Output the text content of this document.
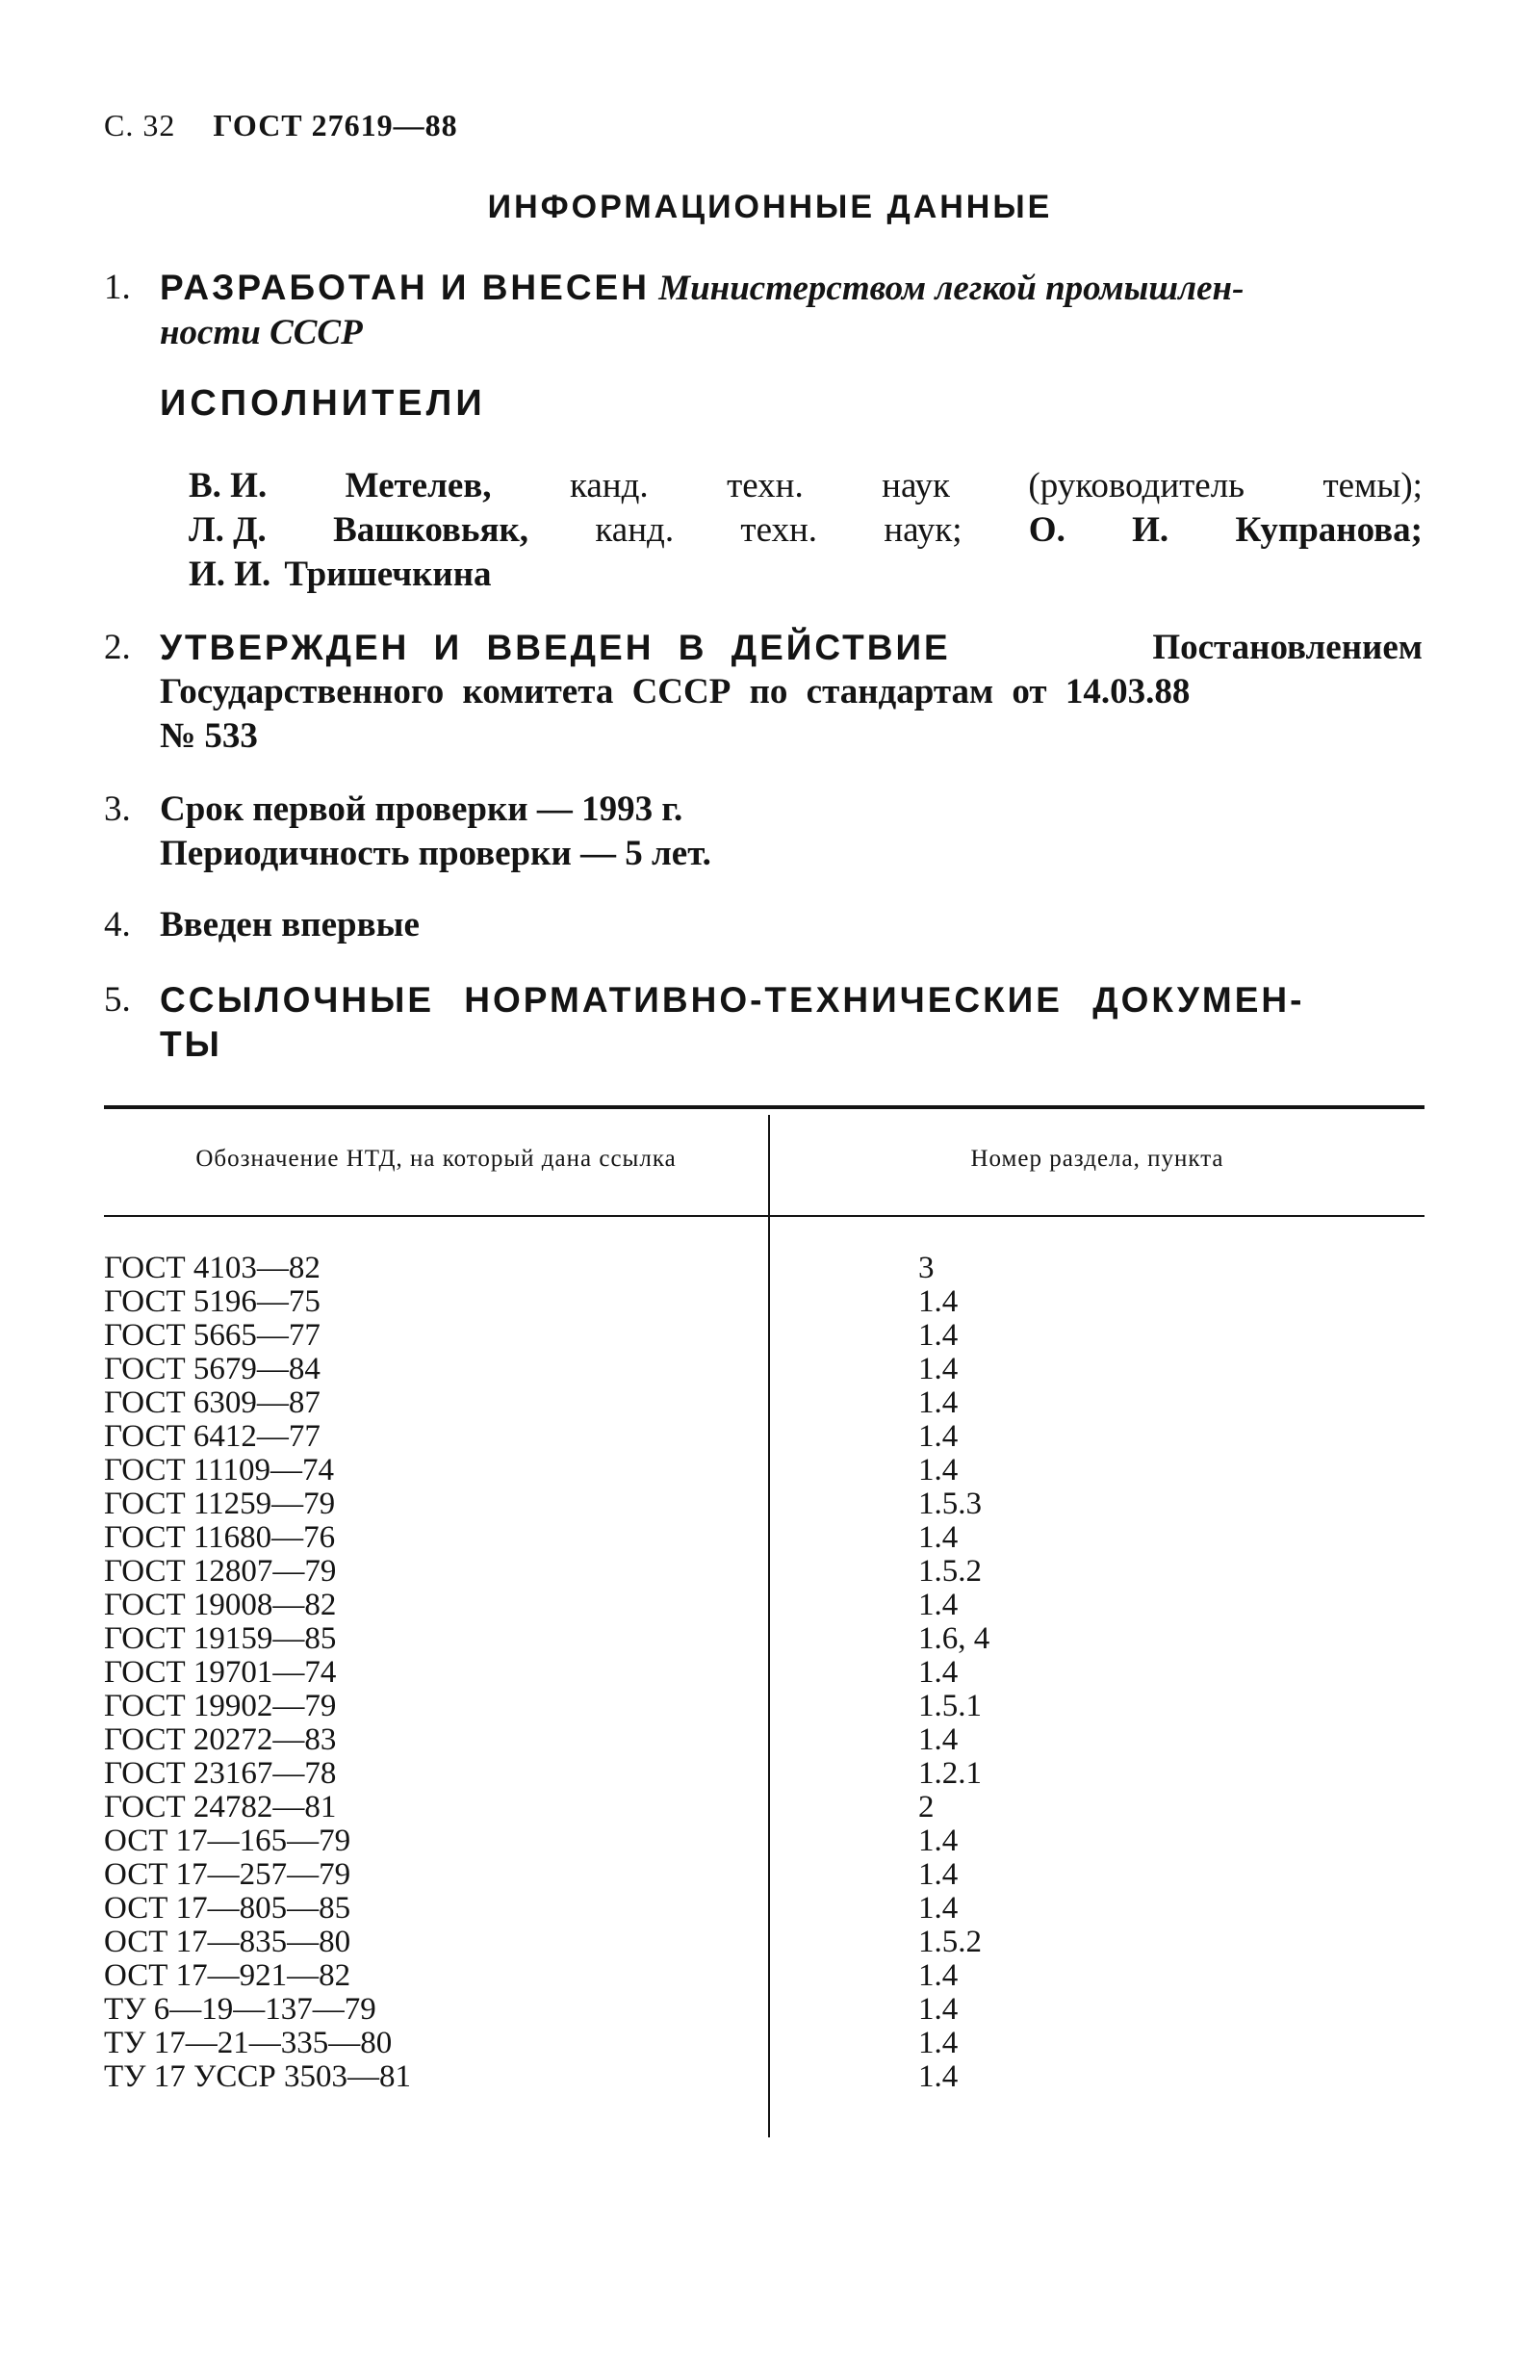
С. 32 ГОСТ 27619—88
ИНФОРМАЦИОННЫЕ ДАННЫЕ
1. РАЗРАБОТАН И ВНЕСЕН Министерством легкой промышлен-
ности СССР
ИСПОЛНИТЕЛИ
В. И. Метелев, канд. техн. наук (руководитель темы);
Л. Д. Вашковьяк, канд. техн. наук; О. И. Купранова;
И. И. Тришечкина
2. УТВЕРЖДЕН И ВВЕДЕН В ДЕЙСТВИЕ	Постановлением
Государственного комитета СССР по стандартам от 14.03.88
№ 533
3. Срок первой проверки — 1993 г.
Периодичность проверки — 5 лет.
4. Введен впервые
5. ССЫЛОЧНЫЕ НОРМАТИВНО-ТЕХНИЧЕСКИЕ ДОКУМЕН-
ТЫ
Обозначение НТД, на который дана ссылка	Номер раздела, пункта
ГОСТ 4103—82	3
ГОСТ 5196—75	1.4
ГОСТ 5665—77	1.4
ГОСТ 5679—84	1.4
ГОСТ 6309—87	1.4
ГОСТ 6412—77	1.4
ГОСТ 11109—74	1.4
ГОСТ 11259—79	1.5.3
ГОСТ 11680—76	1.4
ГОСТ 12807—79	1.5.2
ГОСТ 19008—82	1.4
ГОСТ 19159—85	1.6, 4
ГОСТ 19701—74	1.4
ГОСТ 19902—79	1.5.1
ГОСТ 20272—83	1.4
ГОСТ 23167—78	1.2.1
ГОСТ 24782—81	2
ОСТ 17—165—79	1.4
ОСТ 17—257—79	1.4
ОСТ 17—805—85	1.4
ОСТ 17—835—80	1.5.2
ОСТ 17—921—82	1.4
ТУ 6—19—137—79	1.4
ТУ 17—21—335—80	1.4
ТУ 17 УССР 3503—81	1.4
